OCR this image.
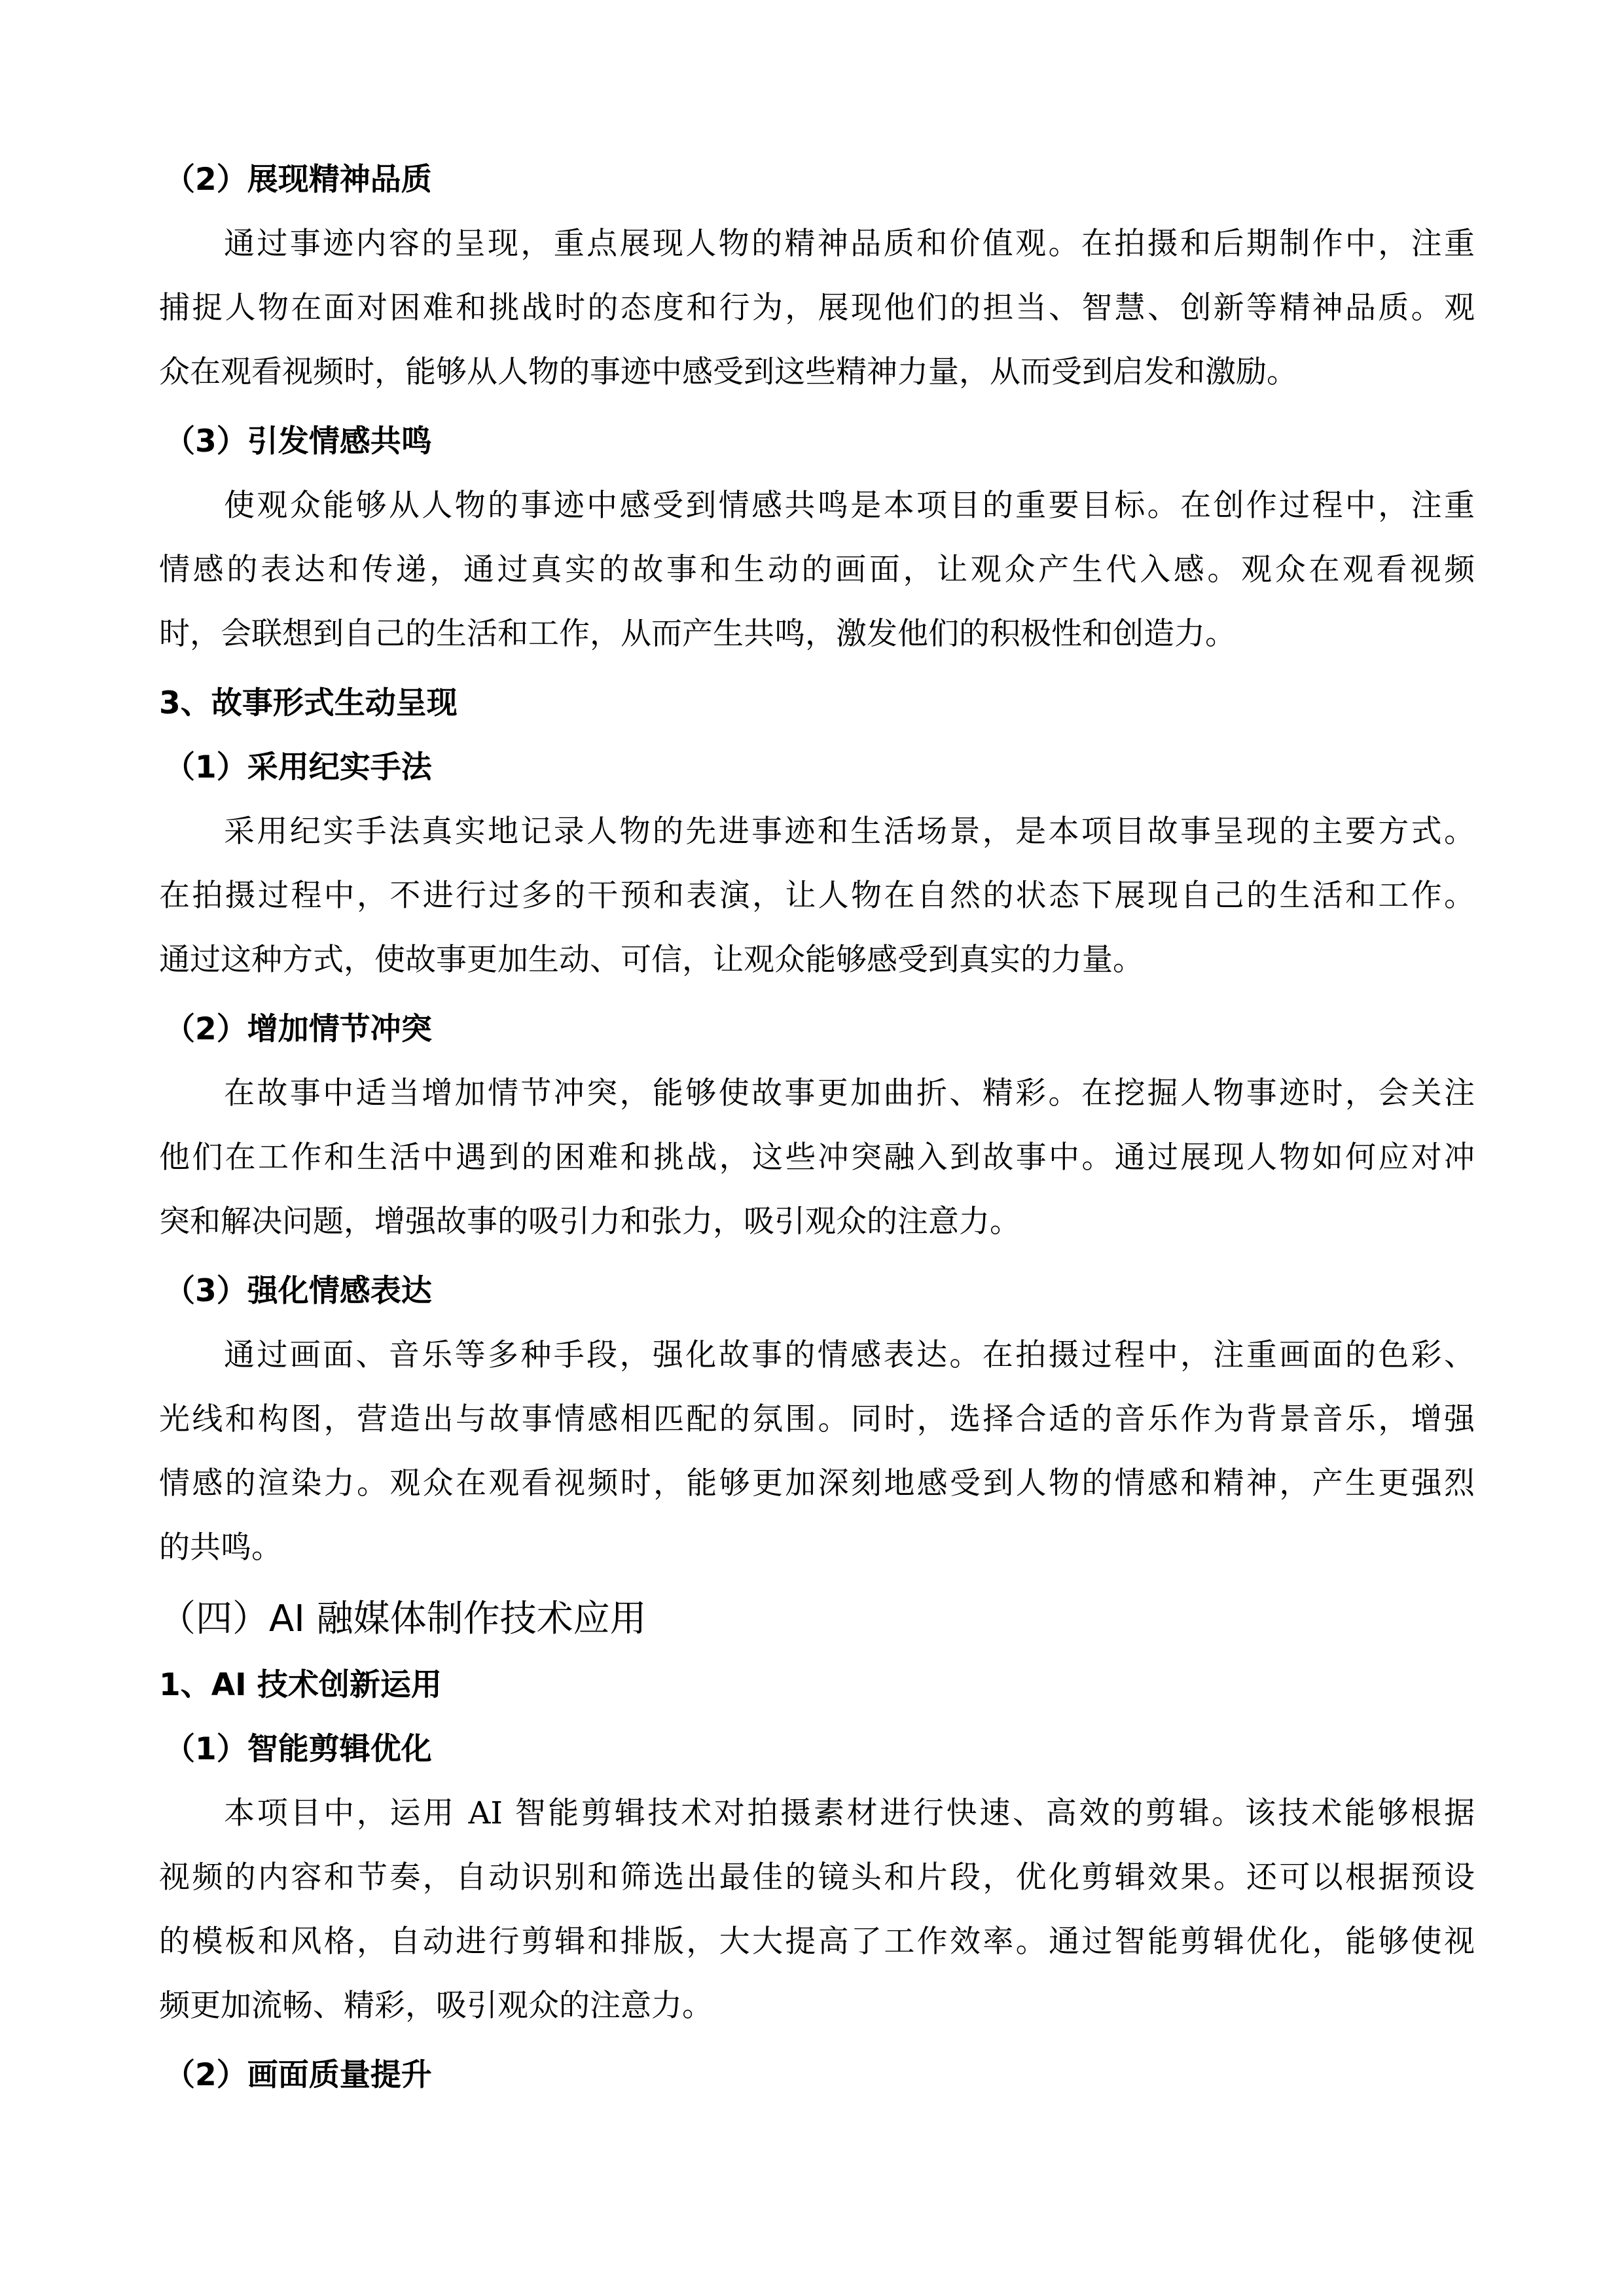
（2）展现精神品质
通过事迹内容的呈现，重点展现人物的精神品质和价值观。在拍摄和后期制作中，注重
捕捉人物在面对困难和挑战时的态度和行为，展现他们的担当、智慧、创新等精神品质。观
众在观看视频时，能够从人物的事迹中感受到这些精神力量，从而受到启发和激励。
（3）引发情感共鸣
使观众能够从人物的事迹中感受到情感共鸣是本项目的重要目标。在创作过程中，注重
情感的表达和传递，通过真实的故事和生动的画面，让观众产生代入感。观众在观看视频
时，会联想到自己的生活和工作，从而产生共鸣，激发他们的积极性和创造力。
3、故事形式生动呈现
（1）采用纪实手法
采用纪实手法真实地记录人物的先进事迹和生活场景，是本项目故事呈现的主要方式。
在拍摄过程中，不进行过多的干预和表演，让人物在自然的状态下展现自己的生活和工作。
通过这种方式，使故事更加生动、可信，让观众能够感受到真实的力量。
（2）增加情节冲突
在故事中适当增加情节冲突，能够使故事更加曲折、精彩。在挖掘人物事迹时，会关注
他们在工作和生活中遇到的困难和挑战，这些冲突融入到故事中。通过展现人物如何应对冲
突和解决问题，增强故事的吸引力和张力，吸引观众的注意力。
（3）强化情感表达
通过画面、音乐等多种手段，强化故事的情感表达。在拍摄过程中，注重画面的色彩、
光线和构图，营造出与故事情感相匹配的氛围。同时，选择合适的音乐作为背景音乐，增强
情感的渲染力。观众在观看视频时，能够更加深刻地感受到人物的情感和精神，产生更强烈
的共鸣。
（四）AI 融媒体制作技术应用
1、AI 技术创新运用
（1）智能剪辑优化
本项目中，运用 AI 智能剪辑技术对拍摄素材进行快速、高效的剪辑。该技术能够根据
视频的内容和节奏，自动识别和筛选出最佳的镜头和片段，优化剪辑效果。还可以根据预设
的模板和风格，自动进行剪辑和排版，大大提高了工作效率。通过智能剪辑优化，能够使视
频更加流畅、精彩，吸引观众的注意力。
（2）画面质量提升
